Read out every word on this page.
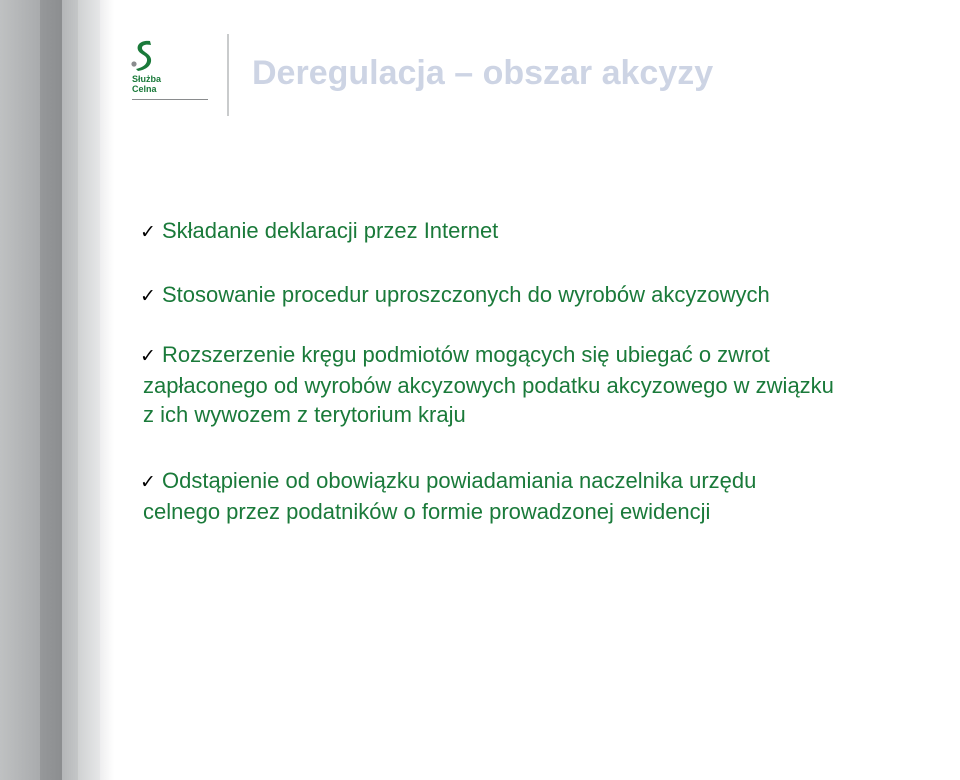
Służba
Celna	Deregulacja – obszar akcyzy
✓ Składanie deklaracji przez Internet
✓ Stosowanie procedur uproszczonych do wyrobów akcyzowych
✓ Rozszerzenie kręgu podmiotów mogących się ubiegać o zwrot
zapłaconego od wyrobów akcyzowych podatku akcyzowego w związku
z ich wywozem z terytorium kraju
✓ Odstąpienie od obowiązku powiadamiania naczelnika urzędu
celnego przez podatników o formie prowadzonej ewidencji
